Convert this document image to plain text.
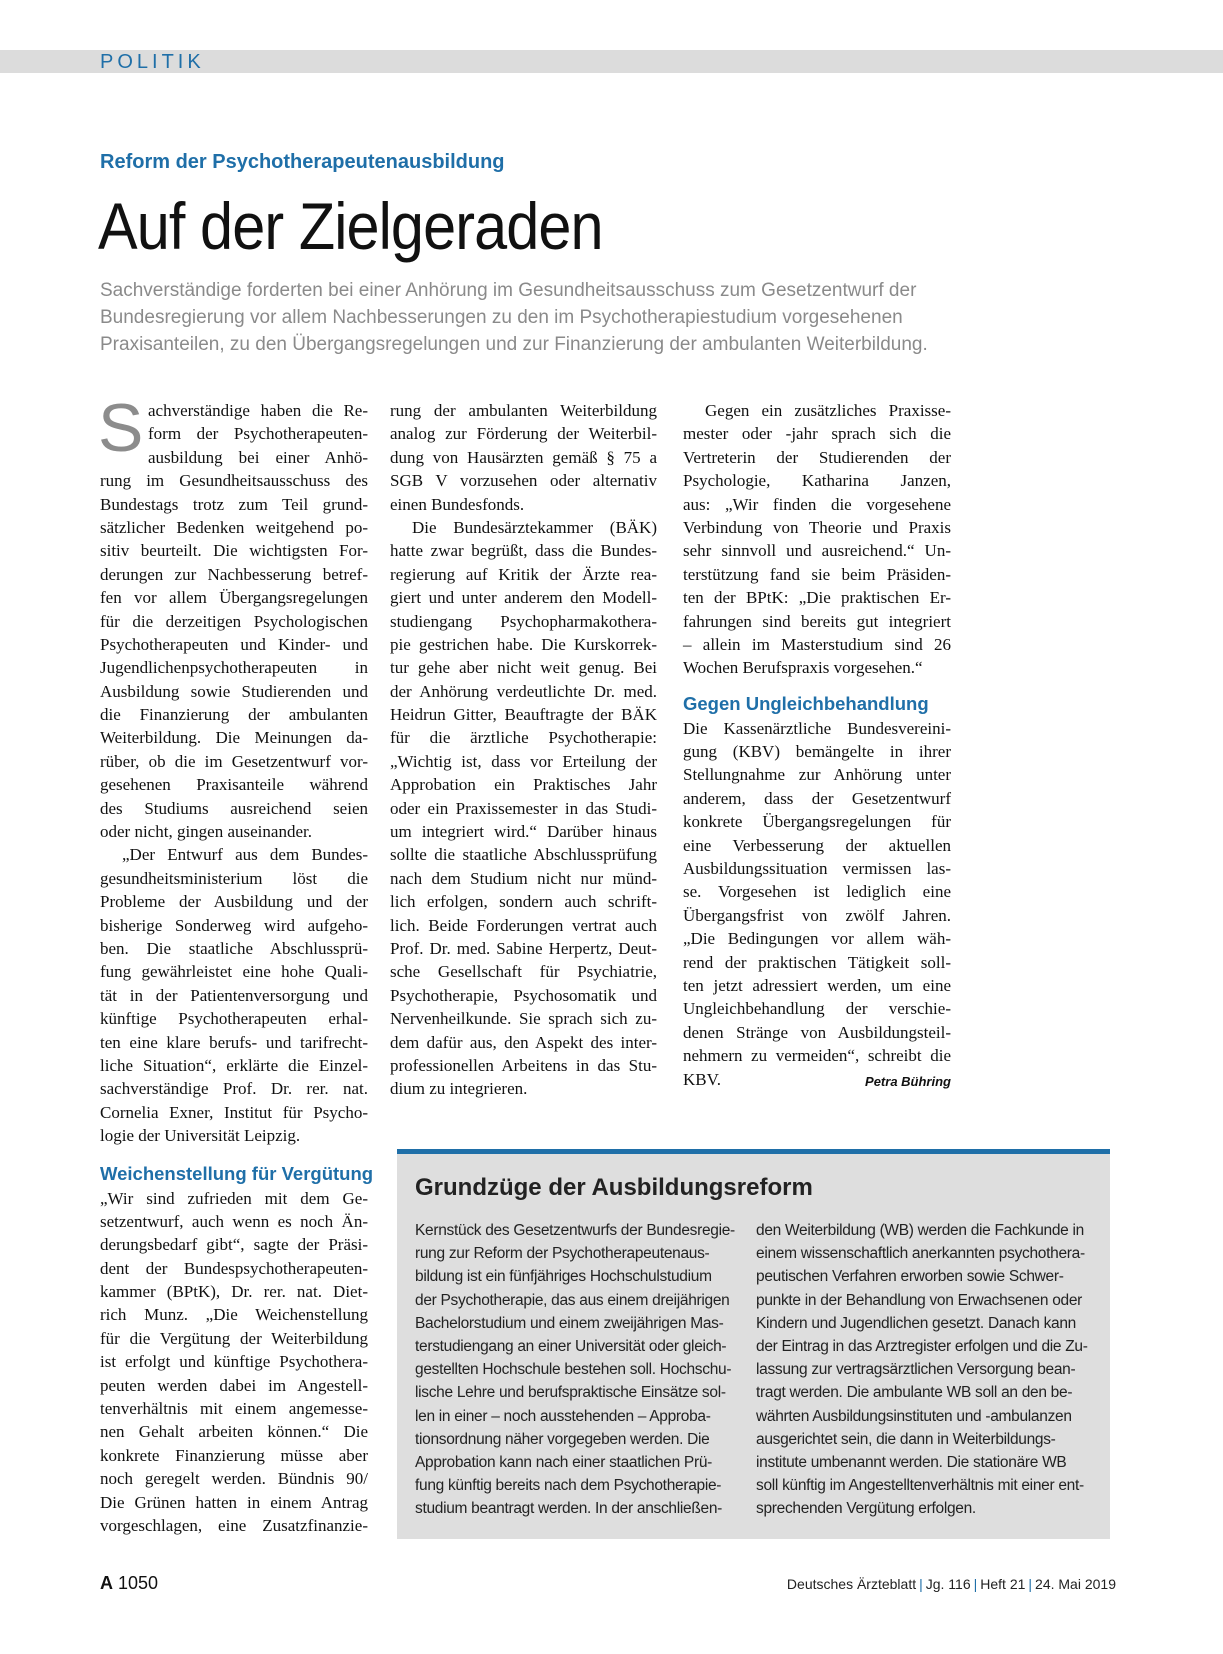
POLITIK
Reform der Psychotherapeutenausbildung
Auf der Zielgeraden
Sachverständige forderten bei einer Anhörung im Gesundheitsausschuss zum Gesetzentwurf der
Bundesregierung vor allem Nachbesserungen zu den im Psychotherapiestudium vorgesehenen
Praxisanteilen, zu den Übergangsregelungen und zur Finanzierung der ambulanten Weiterbildung.
S achverständige haben die Re-
form der Psychotherapeuten-
ausbildung bei einer Anhö-
rung im Gesundheitsausschuss des
Bundestags trotz zum Teil grund-
sätzlicher Bedenken weitgehend po-
sitiv beurteilt. Die wichtigsten For-
derungen zur Nachbesserung betref-
fen vor allem Übergangsregelungen
für die derzeitigen Psychologischen
Psychotherapeuten und Kinder- und
Jugendlichenpsychotherapeuten in
Ausbildung sowie Studierenden und
die Finanzierung der ambulanten
Weiterbildung. Die Meinungen da-
rüber, ob die im Gesetzentwurf vor-
gesehenen Praxisanteile während
des Studiums ausreichend seien
oder nicht, gingen auseinander.
„Der Entwurf aus dem Bundes-
gesundheitsministerium löst die
Probleme der Ausbildung und der
bisherige Sonderweg wird aufgeho-
ben. Die staatliche Abschlussprü-
fung gewährleistet eine hohe Quali-
tät in der Patientenversorgung und
künftige Psychotherapeuten erhal-
ten eine klare berufs- und tarifrecht-
liche Situation“, erklärte die Einzel-
sachverständige Prof. Dr. rer. nat.
Cornelia Exner, Institut für Psycho-
logie der Universität Leipzig.
Weichenstellung für Vergütung
„Wir sind zufrieden mit dem Ge-
setzentwurf, auch wenn es noch Än-
derungsbedarf gibt“, sagte der Präsi-
dent der Bundespsychotherapeuten-
kammer (BPtK), Dr. rer. nat. Diet-
rich Munz. „Die Weichenstellung
für die Vergütung der Weiterbildung
ist erfolgt und künftige Psychothera-
peuten werden dabei im Angestell-
tenverhältnis mit einem angemesse-
nen Gehalt arbeiten können.“ Die
konkrete Finanzierung müsse aber
noch geregelt werden. Bündnis 90/
Die Grünen hatten in einem Antrag
vorgeschlagen, eine Zusatzfinanzie-
rung der ambulanten Weiterbildung
analog zur Förderung der Weiterbil-
dung von Hausärzten gemäß § 75 a
SGB V vorzusehen oder alternativ
einen Bundesfonds.
Die Bundesärztekammer (BÄK)
hatte zwar begrüßt, dass die Bundes-
regierung auf Kritik der Ärzte rea-
giert und unter anderem den Modell-
studiengang Psychopharmakothera-
pie gestrichen habe. Die Kurskorrek-
tur gehe aber nicht weit genug. Bei
der Anhörung verdeutlichte Dr. med.
Heidrun Gitter, Beauftragte der BÄK
für die ärztliche Psychotherapie:
„Wichtig ist, dass vor Erteilung der
Approbation ein Praktisches Jahr
oder ein Praxissemester in das Studi-
um integriert wird.“ Darüber hinaus
sollte die staatliche Abschlussprüfung
nach dem Studium nicht nur münd-
lich erfolgen, sondern auch schrift-
lich. Beide Forderungen vertrat auch
Prof. Dr. med. Sabine Herpertz, Deut-
sche Gesellschaft für Psychiatrie,
Psychotherapie, Psychosomatik und
Nervenheilkunde. Sie sprach sich zu-
dem dafür aus, den Aspekt des inter-
professionellen Arbeitens in das Stu-
dium zu integrieren.
Gegen ein zusätzliches Praxisse-
mester oder -jahr sprach sich die
Vertreterin der Studierenden der
Psychologie, Katharina Janzen,
aus: „Wir finden die vorgesehene
Verbindung von Theorie und Praxis
sehr sinnvoll und ausreichend.“ Un-
terstützung fand sie beim Präsiden-
ten der BPtK: „Die praktischen Er-
fahrungen sind bereits gut integriert
– allein im Masterstudium sind 26
Wochen Berufspraxis vorgesehen.“
Gegen Ungleichbehandlung
Die Kassenärztliche Bundesvereini-
gung (KBV) bemängelte in ihrer
Stellungnahme zur Anhörung unter
anderem, dass der Gesetzentwurf
konkrete Übergangsregelungen für
eine Verbesserung der aktuellen
Ausbildungssituation vermissen las-
se. Vorgesehen ist lediglich eine
Übergangsfrist von zwölf Jahren.
„Die Bedingungen vor allem wäh-
rend der praktischen Tätigkeit soll-
ten jetzt adressiert werden, um eine
Ungleichbehandlung der verschie-
denen Stränge von Ausbildungsteil-
nehmern zu vermeiden“, schreibt die
KBV.	Petra Bühring
Grundzüge der Ausbildungsreform
Kernstück des Gesetzentwurfs der Bundesregie-
rung zur Reform der Psychotherapeutenaus-
bildung ist ein fünfjähriges Hochschulstudium
der Psychotherapie, das aus einem dreijährigen
Bachelorstudium und einem zweijährigen Mas-
terstudiengang an einer Universität oder gleich-
gestellten Hochschule bestehen soll. Hochschu-
lische Lehre und berufspraktische Einsätze sol-
len in einer – noch ausstehenden – Approba-
tionsordnung näher vorgegeben werden. Die
Approbation kann nach einer staatlichen Prü-
fung künftig bereits nach dem Psychotherapie-
studium beantragt werden. In der anschließen-
den Weiterbildung (WB) werden die Fachkunde in
einem wissenschaftlich anerkannten psychothera-
peutischen Verfahren erworben sowie Schwer-
punkte in der Behandlung von Erwachsenen oder
Kindern und Jugendlichen gesetzt. Danach kann
der Eintrag in das Arztregister erfolgen und die Zu-
lassung zur vertragsärztlichen Versorgung bean-
tragt werden. Die ambulante WB soll an den be-
währten Ausbildungsinstituten und -ambulanzen
ausgerichtet sein, die dann in Weiterbildungs-
institute umbenannt werden. Die stationäre WB
soll künftig im Angestelltenverhältnis mit einer ent-
sprechenden Vergütung erfolgen.
A 1050	Deutsches Ärzteblatt | Jg. 116 | Heft 21 | 24. Mai 2019
